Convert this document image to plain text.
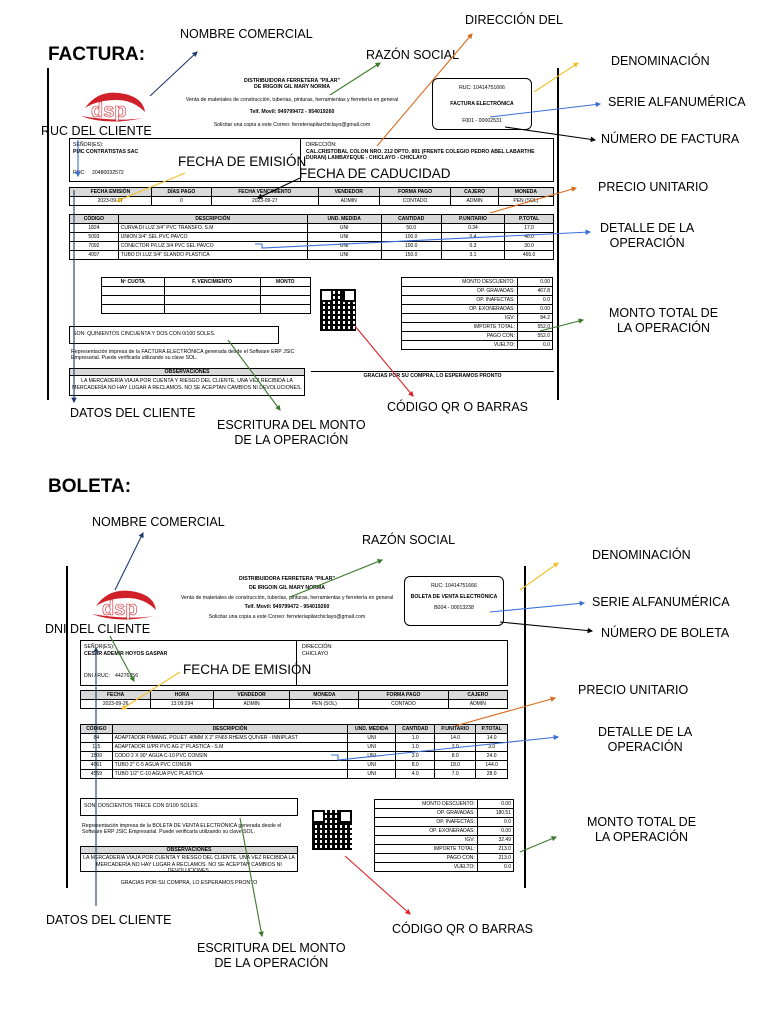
FACTURA:
dsp
DISTRIBUIDORA FERRETERA "PILAR"
DE IRIGOIN GIL MARY NORMA
Venta de materiales de construcción, tuberías, pinturas, herramientas y ferretería en general
Telf. Movil: 949799472 - 954019260
Solicitar una copia a este Correo: ferreteriapilarchiclayo@gmail.com
RUC: 10414751666
FACTURA ELECTRÓNICA
F001 - 00002531
SEÑOR(ES):
PMC CONTRATISTAS SAC
RUC: 20480032572
DIRECCIÓN:
CAL.CRISTOBAL COLON NRO. 212 DPTO. 801 (FRENTE COLEGIO PEDRO ABEL LABARTHE DURAN) LAMBAYEQUE - CHICLAYO - CHICLAYO
FECHA EMISIÓN	DÍAS PAGO	FECHA VENCIMIENTO	VENDEDOR	FORMA PAGO	CAJERO	MONEDA
2023-09-27	0	2023-09-27	ADMIN	CONTADO	ADMIN	PEN (SOL)
CÓDIGO	DESCRIPCIÓN	UND. MEDIDA	CANTIDAD	P.UNITARIO	P.TOTAL
1824	CURVA DI LUZ 3/4" PVC TRANSFO. S.M	UNI	50.0	0.34	17.0
5093	UNION 3/4" SEL PVC PAVCO	UNI	100.0	0.4	40.0
7092	CONECTOR P/LUZ 3/4 PVC SEL PAVCO	UNI	100.0	0.3	30.0
4997	TUBO DI LUZ 3/4" SLANDO PLASTICA	UNI	150.0	3.1	465.0
Nº CUOTA	F. VENCIMIENTO	MONTO

			MONTO DESCUENTO:	0.00
OP. GRAVADAS:	467.8
OP. INAFECTAS:	0.0
OP. EXONERADAS:	0.00
IGV:	84.2
IMPORTE TOTAL:	552.0
PAGO CON:	552.0
VUELTO:	0.0
SON: QUINIENTOS CINCUENTA Y DOS CON 0/100 SOLES.
Representación impresa de la FACTURA ELECTRÓNICA generada desde el Software ERP JSIC Empresarial. Puede verificarla utilizando su clave SOL.
OBSERVACIONES
LA MERCADERÍA VIAJA POR CUENTA Y RIESGO DEL CLIENTE, UNA VEZ RECIBIDA LA MERCADERÍA NO HAY LUGAR A RECLAMOS. NO SE ACEPTAN CAMBIOS NI DEVOLUCIONES.
GRACIAS POR SU COMPRA, LO ESPERAMOS PRONTO
NOMBRE COMERCIAL
DIRECCIÓN DEL
RAZÓN SOCIAL	DENOMINACIÓN
SERIE ALFANUMÉRICA
NÚMERO DE FACTURA
RUC DEL CLIENTE
FECHA DE EMISIÓN
FECHA DE CADUCIDAD
PRECIO UNITARIO
DETALLE DE LA
OPERACIÓN
MONTO TOTAL DE
LA OPERACIÓN
DATOS DEL CLIENTE
ESCRITURA DEL MONTO
DE LA OPERACIÓN
CÓDIGO QR O BARRAS
BOLETA:
dsp
DISTRIBUIDORA FERRETERA "PILAR"
DE IRIGOIN GIL MARY NORMA
Venta de materiales de construcción, tuberías, pinturas, herramientas y ferretería en general
Telf. Movil: 949799472 - 954019260
Solicitar una copia a este Correo: ferreteriapilarchiclayo@gmail.com
RUC: 10414751666
BOLETA DE VENTA ELECTRÓNICA
B004 - 00013238
SEÑOR(ES):
CESAR ADEMIR HOYOS GASPAR
DNI / RUC: 44276356
DIRECCIÓN:
CHICLAYO
FECHA	HORA	VENDEDOR	MONEDA	FORMA PAGO	CAJERO
2023-09-26	13:09:294	ADMIN	PEN (SOL)	CONTADO	ADMIN
CÓDIGO	DESCRIPCIÓN	UND. MEDIDA	CANTIDAD	P.UNITARIO	P.TOTAL
84	ADAPTADOR P/MANG. POLIET. 40MM X 2" FN65 RHEMS QUIVER - INNIPLAST	UNI	1.0	14.0	14.0
115	ADAPTADOR U/PR PVC AG 2" PLASTICA - S.M	UNI	1.0	3.0	3.0
1509	CODO 2 X 90° AGUA C-10 PVC CONSIN	UNI	3.0	8.0	24.0
4661	TUBO 2" C-5 AGUA PVC CONSIN	UNI	8.0	18.0	144.0
4559	TUBO 1/2" C-10 AGUA PVC PLASTICA	UNI	4.0	7.0	28.0
SON: DOSCIENTOS TRECE CON 0/100 SOLES.	MONTO DESCUENTO:	0.00
OP. GRAVADAS:	180.51
OP. INAFECTAS:	0.0
OP. EXONERADAS:	0.00
IGV:	32.49
IMPORTE TOTAL:	213.0
PAGO CON:	213.0
VUELTO:	0.0
Representación impresa de la BOLETA DE VENTA ELECTRÓNICA generada desde el Software ERP JSIC Empresarial. Puede verificarla utilizando su clave SOL.
OBSERVACIONES
LA MERCADERÍA VIAJA POR CUENTA Y RIESGO DEL CLIENTE, UNA VEZ RECIBIDA LA MERCADERÍA NO HAY LUGAR A RECLAMOS. NO SE ACEPTAN CAMBIOS NI DEVOLUCIONES.
GRACIAS POR SU COMPRA, LO ESPERAMOS PRONTO
NOMBRE COMERCIAL
RAZÓN SOCIAL
DENOMINACIÓN
SERIE ALFANUMÉRICA
NÚMERO DE BOLETA
DNI DEL CLIENTE
FECHA DE EMISIÓN
PRECIO UNITARIO
DETALLE DE LA
OPERACIÓN
MONTO TOTAL DE
LA OPERACIÓN
DATOS DEL CLIENTE
ESCRITURA DEL MONTO
DE LA OPERACIÓN
CÓDIGO QR O BARRAS
